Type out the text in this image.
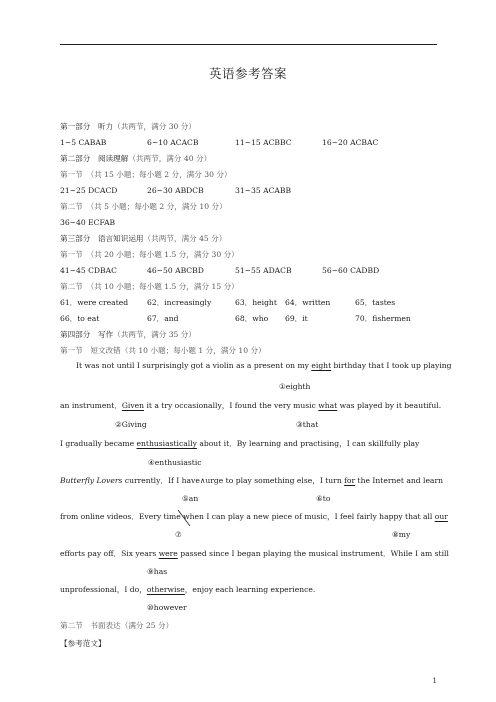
英语参考答案
第一部分　听力（共两节，满分 30 分）
1~5 CABAB	6~10 ACACB	11~15 ACBBC	16~20 ACBAC
第二部分　阅读理解（共两节，满分 40 分）
第一节　（共 15 小题；每小题 2 分，满分 30 分）
21~25 DCACD	26~30 ABDCB	31~35 ACABB
第二节　（共 5 小题；每小题 2 分，满分 10 分）
36~40 ECFAB
第三部分　语言知识运用（共两节，满分 45 分）
第一节　（共 20 小题；每小题 1.5 分，满分 30 分）
41~45 CDBAC	46~50 ABCBD	51~55 ADACB	56~60 CADBD
第二节　（共 10 小题；每小题 1.5 分，满分 15 分）
61．were created 62．increasingly	63．height 64．written	65．tastes
66．to eat	67．and	68．who 69．it	70．fishermen
第四部分　写作（共两节，满分 35 分）
第一节　短文改错（共 10 小题；每小题 1 分，满分 10 分）
It was not until I surprisingly got a violin as a present on my eight birthday that I took up playing
①eighth
an instrument．Given it a try occasionally，I found the very music what was played by it beautiful.
②Giving	③that
I gradually became enthusiastically about it．By learning and practising，I can skillfully play
④enthusiastic
Butterfly Lovers currently．If I have∧urge to play something else，I turn for the Internet and learn
⑤an	⑥to
from online videos．Every time when I can play a new piece of music，I feel fairly happy that all our
⑦	⑧my
efforts pay off．Six years were passed since I began playing the musical instrument．While I am still
⑨has
unprofessional，I do，otherwise，enjoy each learning experience.
⑩however
第二节　书面表达（满分 25 分）
【参考范文】
1
